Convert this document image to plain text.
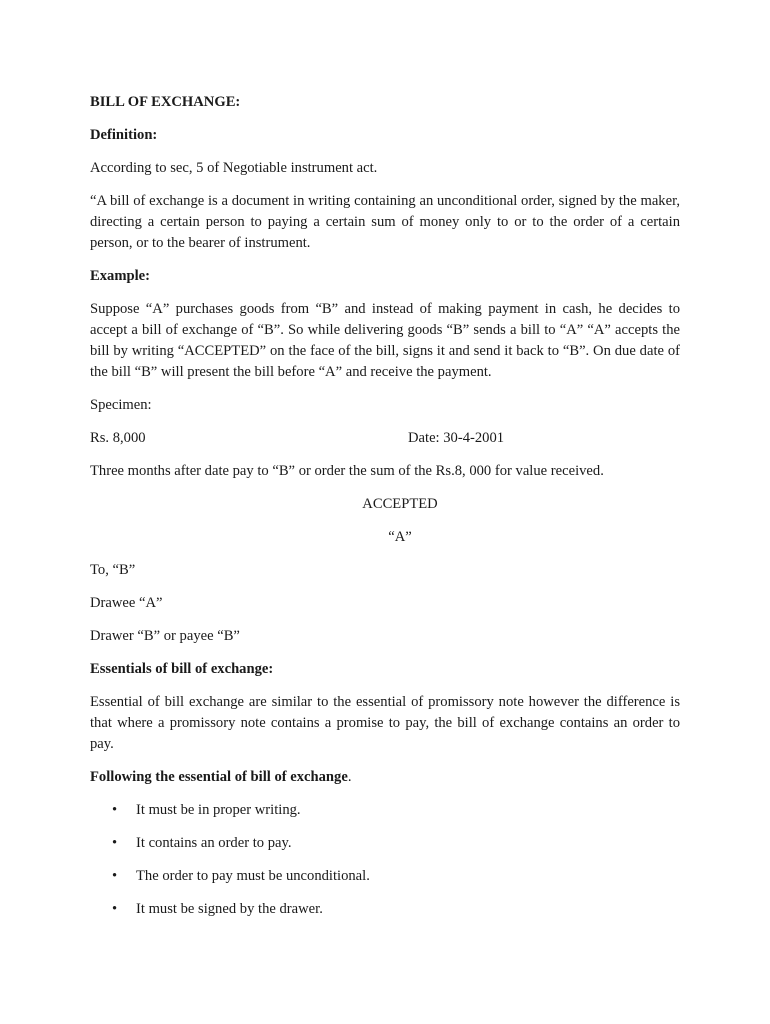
BILL OF EXCHANGE:

Definition:

According to sec, 5 of Negotiable instrument act.

“A bill of exchange is a document in writing containing an unconditional order, signed by the maker, directing a certain person to paying a certain sum of money only to or to the order of a certain person, or to the bearer of instrument.

Example:

Suppose “A” purchases goods from “B” and instead of making payment in cash, he decides to accept a bill of exchange of “B”. So while delivering goods “B” sends a bill to “A” “A” accepts the bill by writing “ACCEPTED” on the face of the bill, signs it and send it back to “B”. On due date of the bill “B” will present the bill before “A” and receive the payment.

Specimen:

Rs. 8,000	Date: 30-4-2001

Three months after date pay to “B” or order the sum of the Rs.8, 000 for value received.

ACCEPTED

“A”

To, “B”

Drawee “A”

Drawer “B” or payee “B”

Essentials of bill of exchange:

Essential of bill exchange are similar to the essential of promissory note however the difference is that where a promissory note contains a promise to pay, the bill of exchange contains an order to pay.

Following the essential of bill of exchange.

• It must be in proper writing.
• It contains an order to pay.
• The order to pay must be unconditional.
• It must be signed by the drawer.
